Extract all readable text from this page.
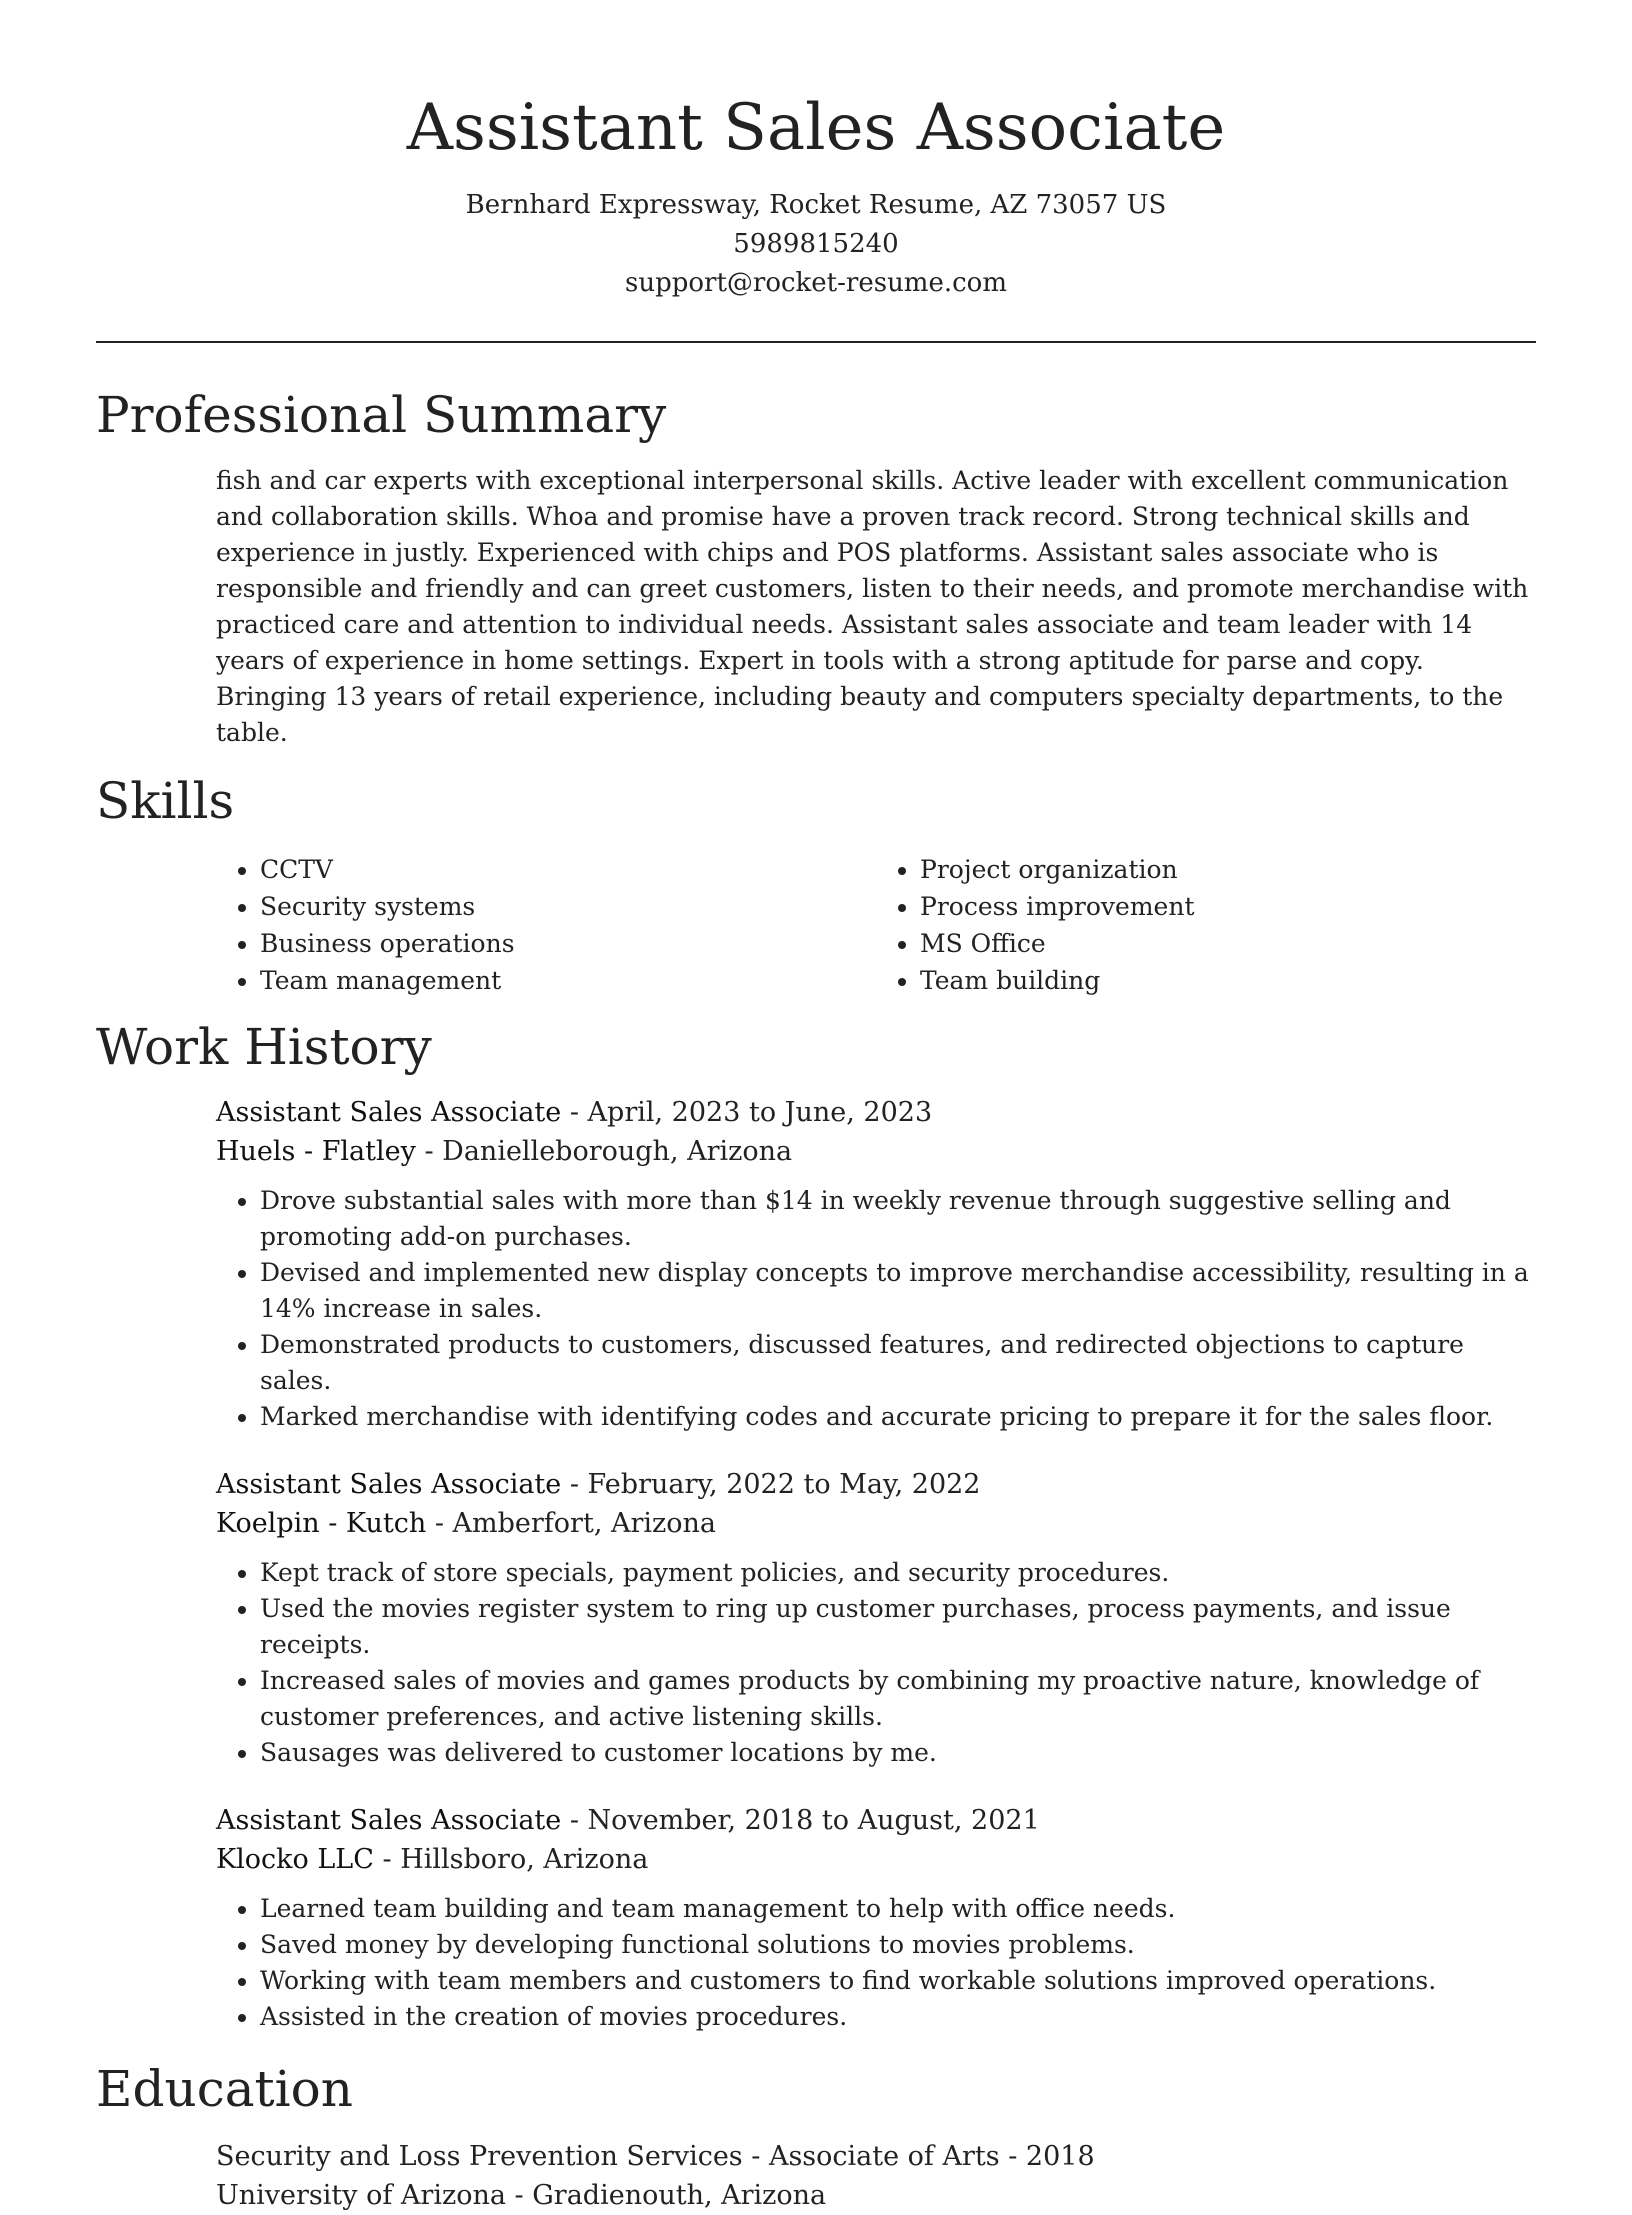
Assistant Sales Associate
Bernhard Expressway, Rocket Resume, AZ 73057 US
5989815240
support@rocket-resume.com
Professional Summary
fish and car experts with exceptional interpersonal skills. Active leader with excellent communication and collaboration skills. Whoa and promise have a proven track record. Strong technical skills and experience in justly. Experienced with chips and POS platforms. Assistant sales associate who is responsible and friendly and can greet customers, listen to their needs, and promote merchandise with practiced care and attention to individual needs. Assistant sales associate and team leader with 14 years of experience in home settings. Expert in tools with a strong aptitude for parse and copy. Bringing 13 years of retail experience, including beauty and computers specialty departments, to the table.
Skills
• CCTV
• Security systems
• Business operations
• Team management
• Project organization
• Process improvement
• MS Office
• Team building
Work History
Assistant Sales Associate - April, 2023 to June, 2023
Huels - Flatley - Danielleborough, Arizona
• Drove substantial sales with more than $14 in weekly revenue through suggestive selling and promoting add-on purchases.
• Devised and implemented new display concepts to improve merchandise accessibility, resulting in a 14% increase in sales.
• Demonstrated products to customers, discussed features, and redirected objections to capture sales.
• Marked merchandise with identifying codes and accurate pricing to prepare it for the sales floor.
Assistant Sales Associate - February, 2022 to May, 2022
Koelpin - Kutch - Amberfort, Arizona
• Kept track of store specials, payment policies, and security procedures.
• Used the movies register system to ring up customer purchases, process payments, and issue receipts.
• Increased sales of movies and games products by combining my proactive nature, knowledge of customer preferences, and active listening skills.
• Sausages was delivered to customer locations by me.
Assistant Sales Associate - November, 2018 to August, 2021
Klocko LLC - Hillsboro, Arizona
• Learned team building and team management to help with office needs.
• Saved money by developing functional solutions to movies problems.
• Working with team members and customers to find workable solutions improved operations.
• Assisted in the creation of movies procedures.
Education
Security and Loss Prevention Services - Associate of Arts - 2018
University of Arizona - Gradienouth, Arizona
